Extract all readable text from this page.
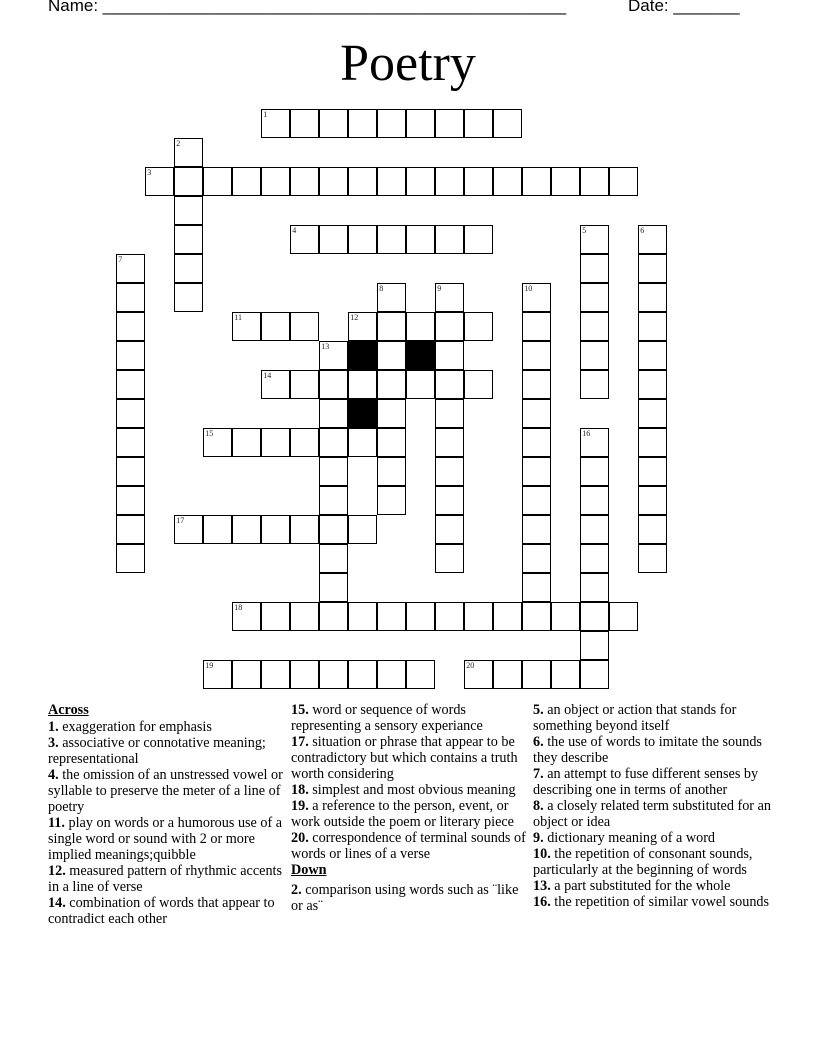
Name: _________________________________________________	Date: _______
Poetry
1
2
3
4	5	6
7
8	9	10
11	12
13
14
15	16
17
18
19	20
Across
1. exaggeration for emphasis
3. associative or connotative meaning; representational
4. the omission of an unstressed vowel or syllable to preserve the meter of a line of poetry
11. play on words or a humorous use of a single word or sound with 2 or more implied meanings;quibble
12. measured pattern of rhythmic accents in a line of verse
14. combination of words that appear to contradict each other
15. word or sequence of words representing a sensory experiance
17. situation or phrase that appear to be contradictory but which contains a truth worth considering
18. simplest and most obvious meaning
19. a reference to the person, event, or work outside the poem or literary piece
20. correspondence of terminal sounds of words or lines of a verse
Down
2. comparison using words such as ¨like or as¨
5. an object or action that stands for something beyond itself
6. the use of words to imitate the sounds they describe
7. an attempt to fuse different senses by describing one in terms of another
8. a closely related term substituted for an object or idea
9. dictionary meaning of a word
10. the repetition of consonant sounds, particularly at the beginning of words
13. a part substituted for the whole
16. the repetition of similar vowel sounds
